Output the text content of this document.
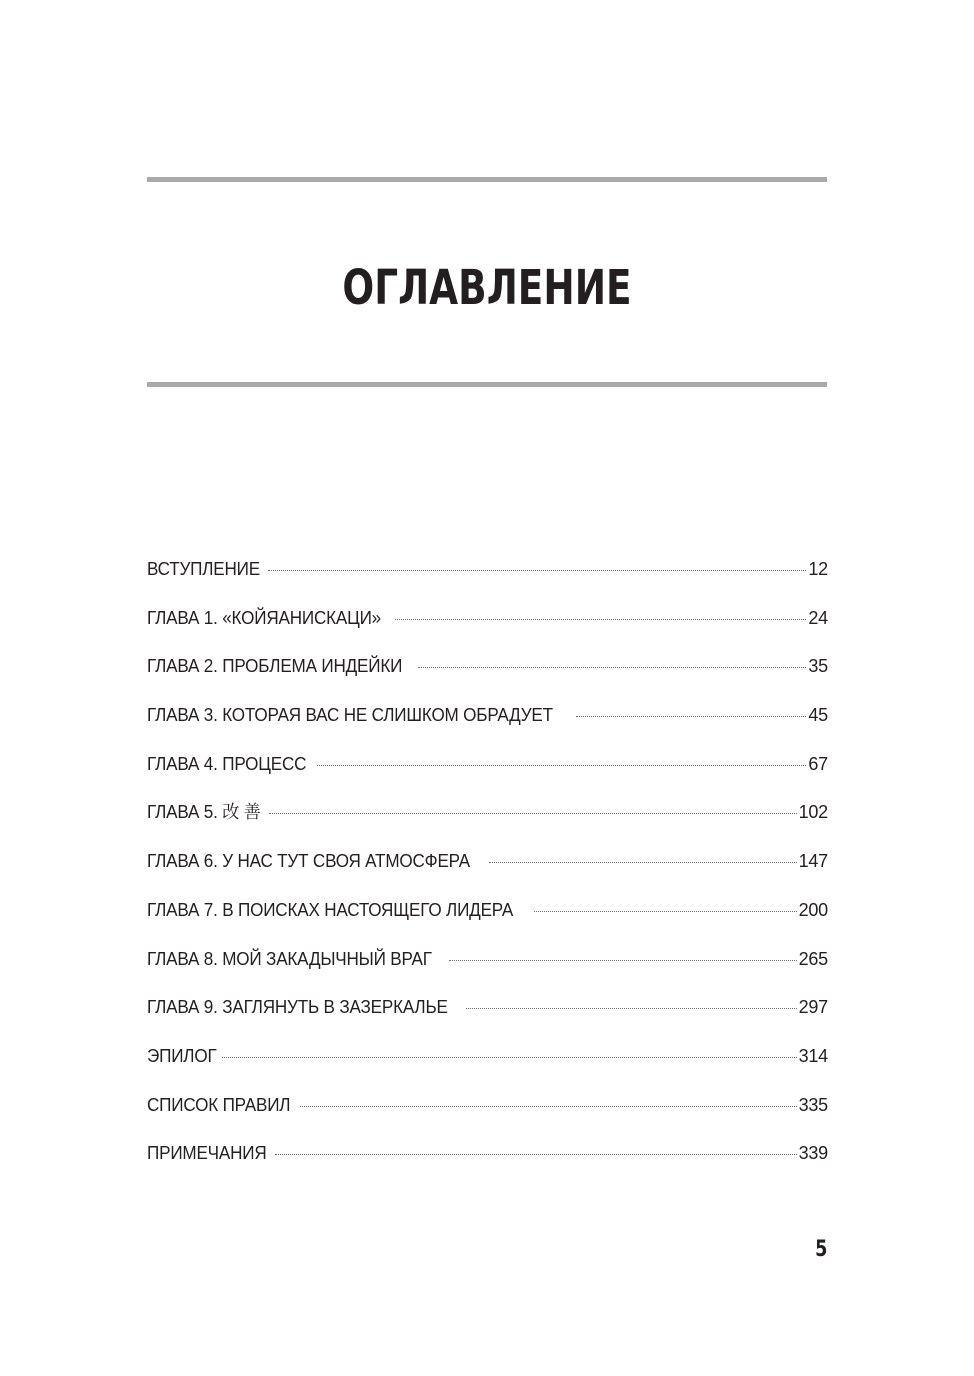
ОГЛАВЛЕНИЕ
ВСТУПЛЕНИЕ	12
ГЛАВА 1. «КОЙЯАНИСКАЦИ»	24
ГЛАВА 2. ПРОБЛЕМА ИНДЕЙКИ	35
ГЛАВА 3. КОТОРАЯ ВАС НЕ СЛИШКОМ ОБРАДУЕТ	45
ГЛАВА 4. ПРОЦЕСС	67
ГЛАВА 5. 改 善	102
ГЛАВА 6. У НАС ТУТ СВОЯ АТМОСФЕРА	147
ГЛАВА 7. В ПОИСКАХ НАСТОЯЩЕГО ЛИДЕРА	200
ГЛАВА 8. МОЙ ЗАКАДЫЧНЫЙ ВРАГ	265
ГЛАВА 9. ЗАГЛЯНУТЬ В ЗАЗЕРКАЛЬЕ	297
ЭПИЛОГ	314
СПИСОК ПРАВИЛ	335
ПРИМЕЧАНИЯ	339
5
